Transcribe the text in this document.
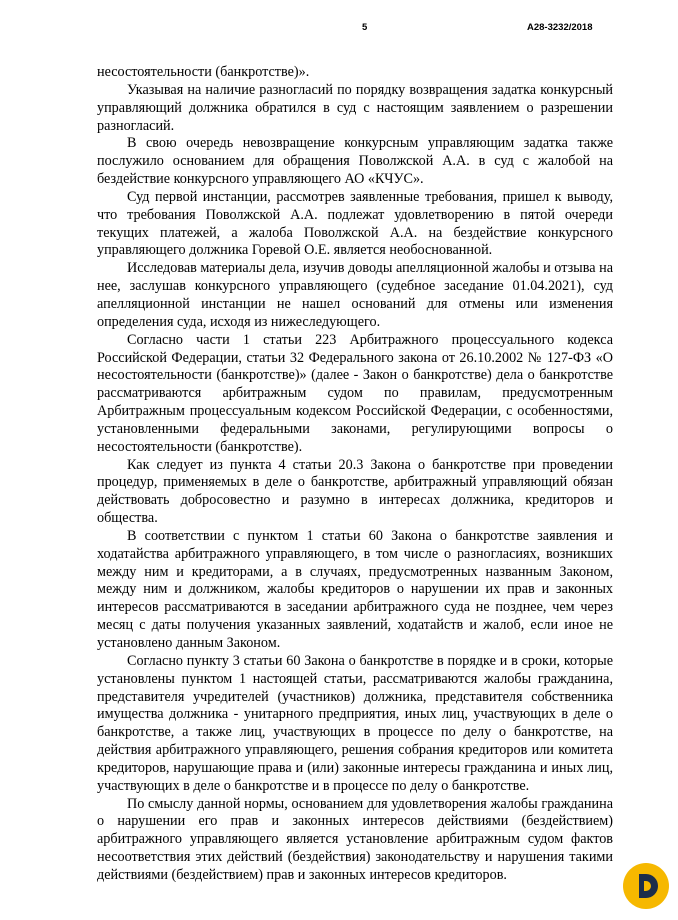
5	А28-3232/2018

несостоятельности (банкротстве)».

Указывая на наличие разногласий по порядку возвращения задатка конкурсный управляющий должника обратился в суд с настоящим заявлением о разрешении разногласий.

В свою очередь невозвращение конкурсным управляющим задатка также послужило основанием для обращения Поволжской А.А. в суд с жалобой на бездействие конкурсного управляющего АО «КЧУС».

Суд первой инстанции, рассмотрев заявленные требования, пришел к выводу, что требования Поволжской А.А. подлежат удовлетворению в пятой очереди текущих платежей, а жалоба Поволжской А.А. на бездействие конкурсного управляющего должника Горевой О.Е. является необоснованной.

Исследовав материалы дела, изучив доводы апелляционной жалобы и отзыва на нее, заслушав конкурсного управляющего (судебное заседание 01.04.2021), суд апелляционной инстанции не нашел оснований для отмены или изменения определения суда, исходя из нижеследующего.

Согласно части 1 статьи 223 Арбитражного процессуального кодекса Российской Федерации, статьи 32 Федерального закона от 26.10.2002 № 127-ФЗ «О несостоятельности (банкротстве)» (далее - Закон о банкротстве) дела о банкротстве рассматриваются арбитражным судом по правилам, предусмотренным Арбитражным процессуальным кодексом Российской Федерации, с особенностями, установленными федеральными законами, регулирующими вопросы о несостоятельности (банкротстве).

Как следует из пункта 4 статьи 20.3 Закона о банкротстве при проведении процедур, применяемых в деле о банкротстве, арбитражный управляющий обязан действовать добросовестно и разумно в интересах должника, кредиторов и общества.

В соответствии с пунктом 1 статьи 60 Закона о банкротстве заявления и ходатайства арбитражного управляющего, в том числе о разногласиях, возникших между ним и кредиторами, а в случаях, предусмотренных названным Законом, между ним и должником, жалобы кредиторов о нарушении их прав и законных интересов рассматриваются в заседании арбитражного суда не позднее, чем через месяц с даты получения указанных заявлений, ходатайств и жалоб, если иное не установлено данным Законом.

Согласно пункту 3 статьи 60 Закона о банкротстве в порядке и в сроки, которые установлены пунктом 1 настоящей статьи, рассматриваются жалобы гражданина, представителя учредителей (участников) должника, представителя собственника имущества должника - унитарного предприятия, иных лиц, участвующих в деле о банкротстве, а также лиц, участвующих в процессе по делу о банкротстве, на действия арбитражного управляющего, решения собрания кредиторов или комитета кредиторов, нарушающие права и (или) законные интересы гражданина и иных лиц, участвующих в деле о банкротстве и в процессе по делу о банкротстве.

По смыслу данной нормы, основанием для удовлетворения жалобы гражданина о нарушении его прав и законных интересов действиями (бездействием) арбитражного управляющего является установление арбитражным судом фактов несоответствия этих действий (бездействия) законодательству и нарушения такими действиями (бездействием) прав и законных интересов кредиторов.
